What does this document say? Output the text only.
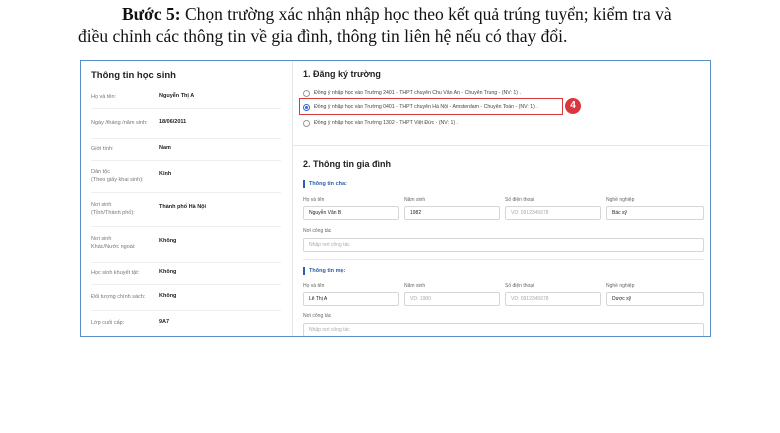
Bước 5: Chọn trường xác nhận nhập học theo kết quả trúng tuyển; kiểm tra và
điều chỉnh các thông tin về gia đình, thông tin liên hệ nếu có thay đổi.
Thông tin học sinh
Họ và tên:	Nguyễn Thị A
Ngày /tháng /năm sinh: 18/06/2011
Giới tính:	Nam
Dân tộc
(Theo giấy khai sinh):
Kinh
Nơi sinh
(Tỉnh/Thành phố):
Thành phố Hà Nội
Nơi sinh
Khác/Nước ngoài:
Không
Học sinh khuyết tật:	Không
Đối tượng chính sách: Không
Lớp cuối cấp:	9A7
1. Đăng ký trường
Đồng ý nhập học vào Trường 2401 - THPT chuyên Chu Văn An - Chuyên Trung - (NV: 1) .
Đồng ý nhập học vào Trường 0401 - THPT chuyên Hà Nội - Amsterdam - Chuyên Toán - (NV: 1) .
Đồng ý nhập học vào Trường 1302 - THPT Việt Đức - (NV: 1) .
4
2. Thông tin gia đình
Thông tin cha:
Họ và tên	Năm sinh	Số điện thoại	Nghề nghiệp
Nguyễn Văn B	1982	VD: 0912345678	Bác sỹ
Nơi công tác
Nhập nơi công tác
Thông tin mẹ:
Họ và tên	Năm sinh	Số điện thoại	Nghề nghiệp
Lê Thị A	VD: 1980	VD: 0912345678	Dược sỹ
Nơi công tác
Nhập nơi công tác
